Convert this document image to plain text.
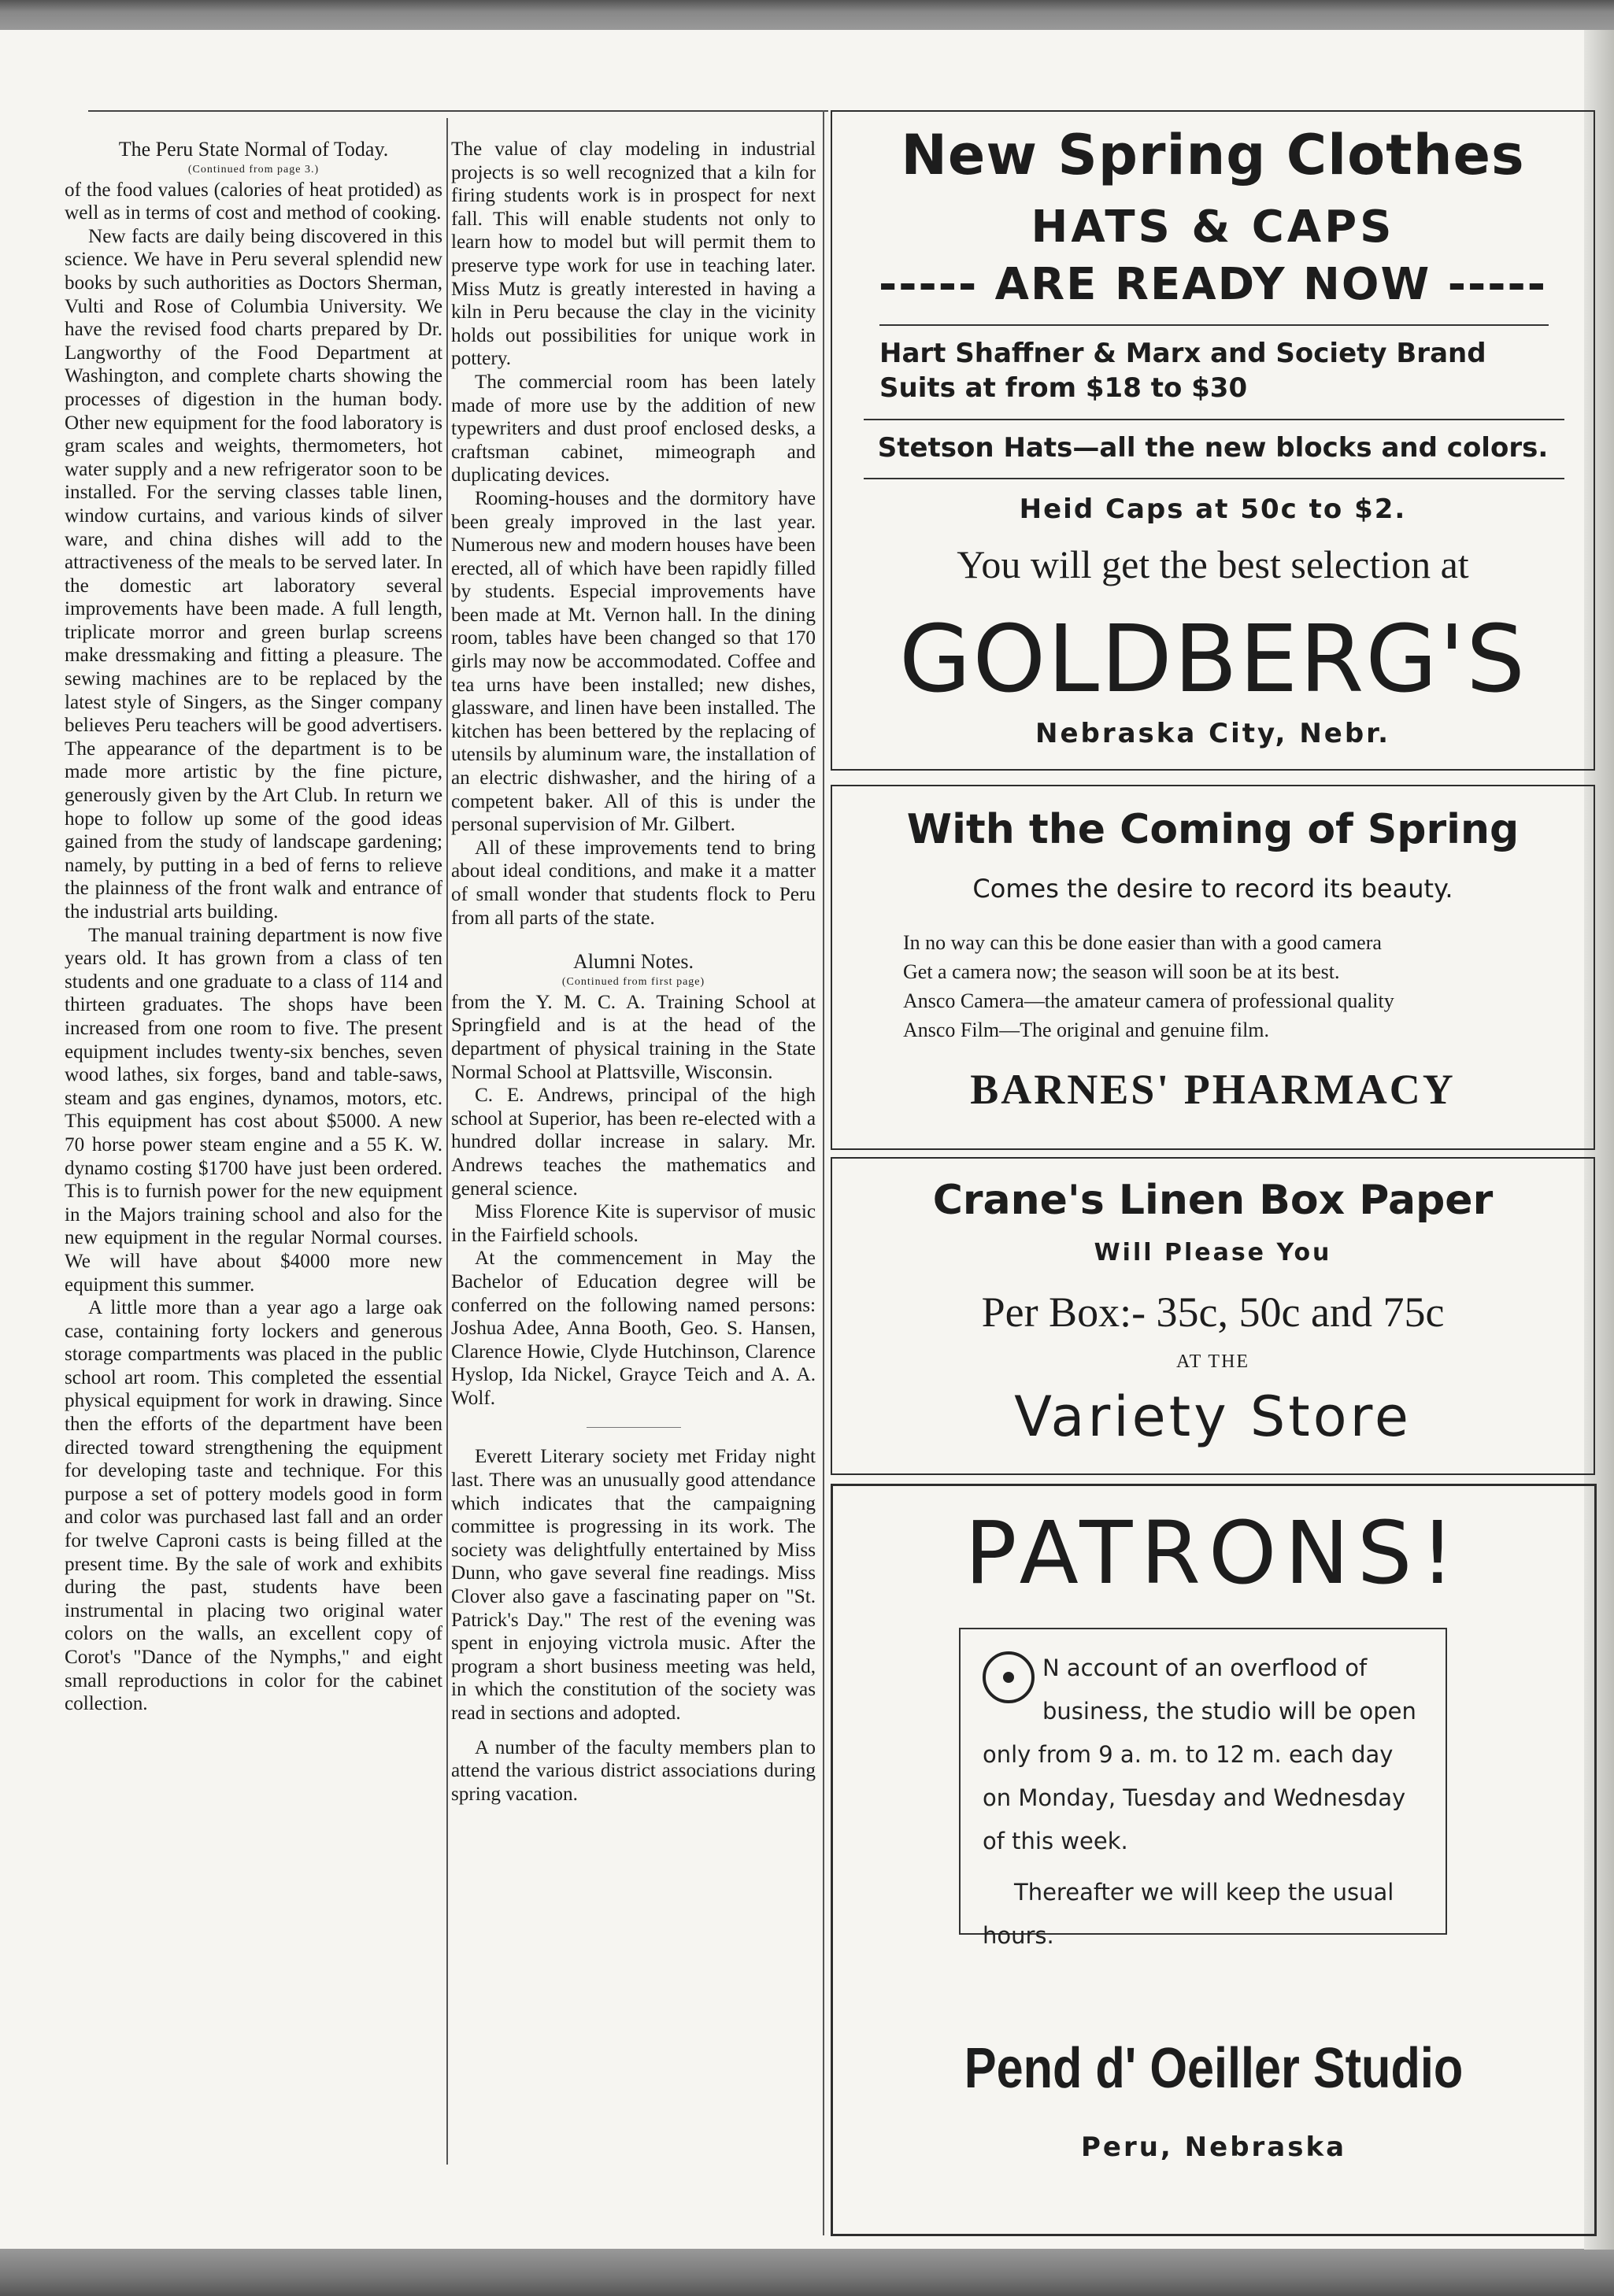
The Peru State Normal of Today.
(Continued from page 3.)

of the food values (calories of heat protided) as well as in terms of cost and method of cooking.

New facts are daily being discovered in this science. We have in Peru several splendid new books by such authorities as Doctors Sherman, Vulti and Rose of Columbia University. We have the revised food charts prepared by Dr. Langworthy of the Food Department at Washington, and complete charts showing the processes of digestion in the human body. Other new equipment for the food laboratory is gram scales and weights, thermometers, hot water supply and a new refrigerator soon to be installed. For the serving classes table linen, window curtains, and various kinds of silver ware, and china dishes will add to the attractiveness of the meals to be served later. In the domestic art laboratory several improvements have been made. A full length, triplicate morror and green burlap screens make dressmaking and fitting a pleasure. The sewing machines are to be replaced by the latest style of Singers, as the Singer company believes Peru teachers will be good advertisers. The appearance of the department is to be made more artistic by the fine picture, generously given by the Art Club. In return we hope to follow up some of the good ideas gained from the study of landscape gardening; namely, by putting in a bed of ferns to relieve the plainness of the front walk and entrance of the industrial arts building.

The manual training department is now five years old. It has grown from a class of ten students and one graduate to a class of 114 and thirteen graduates. The shops have been increased from one room to five. The present equipment includes twenty-six benches, seven wood lathes, six forges, band and table-saws, steam and gas engines, dynamos, motors, etc. This equipment has cost about $5000. A new 70 horse power steam engine and a 55 K. W. dynamo costing $1700 have just been ordered. This is to furnish power for the new equipment in the Majors training school and also for the new equipment in the regular Normal courses. We will have about $4000 more new equipment this summer.

A little more than a year ago a large oak case, containing forty lockers and generous storage compartments was placed in the public school art room. This completed the essential physical equipment for work in drawing. Since then the efforts of the department have been directed toward strengthening the equipment for developing taste and technique. For this purpose a set of pottery models good in form and color was purchased last fall and an order for twelve Caproni casts is being filled at the present time. By the sale of work and exhibits during the past, students have been instrumental in placing two original water colors on the walls, an excellent copy of Corot's "Dance of the Nymphs," and eight small reproductions in color for the cabinet collection.

The value of clay modeling in industrial projects is so well recognized that a kiln for firing students work is in prospect for next fall. This will enable students not only to learn how to model but will permit them to preserve type work for use in teaching later. Miss Mutz is greatly interested in having a kiln in Peru because the clay in the vicinity holds out possibilities for unique work in pottery.

The commercial room has been lately made of more use by the addition of new typewriters and dust proof enclosed desks, a craftsman cabinet, mimeograph and duplicating devices.

Rooming-houses and the dormitory have been grealy improved in the last year. Numerous new and modern houses have been erected, all of which have been rapidly filled by students. Especial improvements have been made at Mt. Vernon hall. In the dining room, tables have been changed so that 170 girls may now be accommodated. Coffee and tea urns have been installed; new dishes, glassware, and linen have been installed. The kitchen has been bettered by the replacing of utensils by aluminum ware, the installation of an electric dishwasher, and the hiring of a competent baker. All of this is under the personal supervision of Mr. Gilbert.

All of these improvements tend to bring about ideal conditions, and make it a matter of small wonder that students flock to Peru from all parts of the state.

Alumni Notes.
(Continued from first page)

from the Y. M. C. A. Training School at Springfield and is at the head of the department of physical training in the State Normal School at Plattsville, Wisconsin.

C. E. Andrews, principal of the high school at Superior, has been re-elected with a hundred dollar increase in salary. Mr. Andrews teaches the mathematics and general science.

Miss Florence Kite is supervisor of music in the Fairfield schools.

At the commencement in May the Bachelor of Education degree will be conferred on the following named persons: Joshua Adee, Anna Booth, Geo. S. Hansen, Clarence Howie, Clyde Hutchinson, Clarence Hyslop, Ida Nickel, Grayce Teich and A. A. Wolf.

Everett Literary society met Friday night last. There was an unusually good attendance which indicates that the campaigning committee is progressing in its work. The society was delightfully entertained by Miss Dunn, who gave several fine readings. Miss Clover also gave a fascinating paper on "St. Patrick's Day." The rest of the evening was spent in enjoying victrola music. After the program a short business meeting was held, in which the constitution of the society was read in sections and adopted.

A number of the faculty members plan to attend the various district associations during spring vacation.

New Spring Clothes
HATS & CAPS
----- ARE READY NOW -----
Hart Shaffner & Marx and Society Brand Suits at from $18 to $30
Stetson Hats—all the new blocks and colors.
Heid Caps at 50c to $2.
You will get the best selection at
GOLDBERG'S
Nebraska City, Nebr.
With the Coming of Spring
Comes the desire to record its beauty.
In no way can this be done easier than with a good camera
Get a camera now; the season will soon be at its best.
Ansco Camera—the amateur camera of professional quality
Ansco Film—The original and genuine film.
BARNES' PHARMACY
Crane's Linen Box Paper
Will Please You
Per Box:- 35c, 50c and 75c
AT THE
Variety Store
PATRONS!
N account of an overflood of business, the studio will be open only from 9 a. m. to 12 m. each day on Monday, Tuesday and Wednesday of this week.
Thereafter we will keep the usual hours.
Pend d' Oeiller Studio
Peru, Nebraska
